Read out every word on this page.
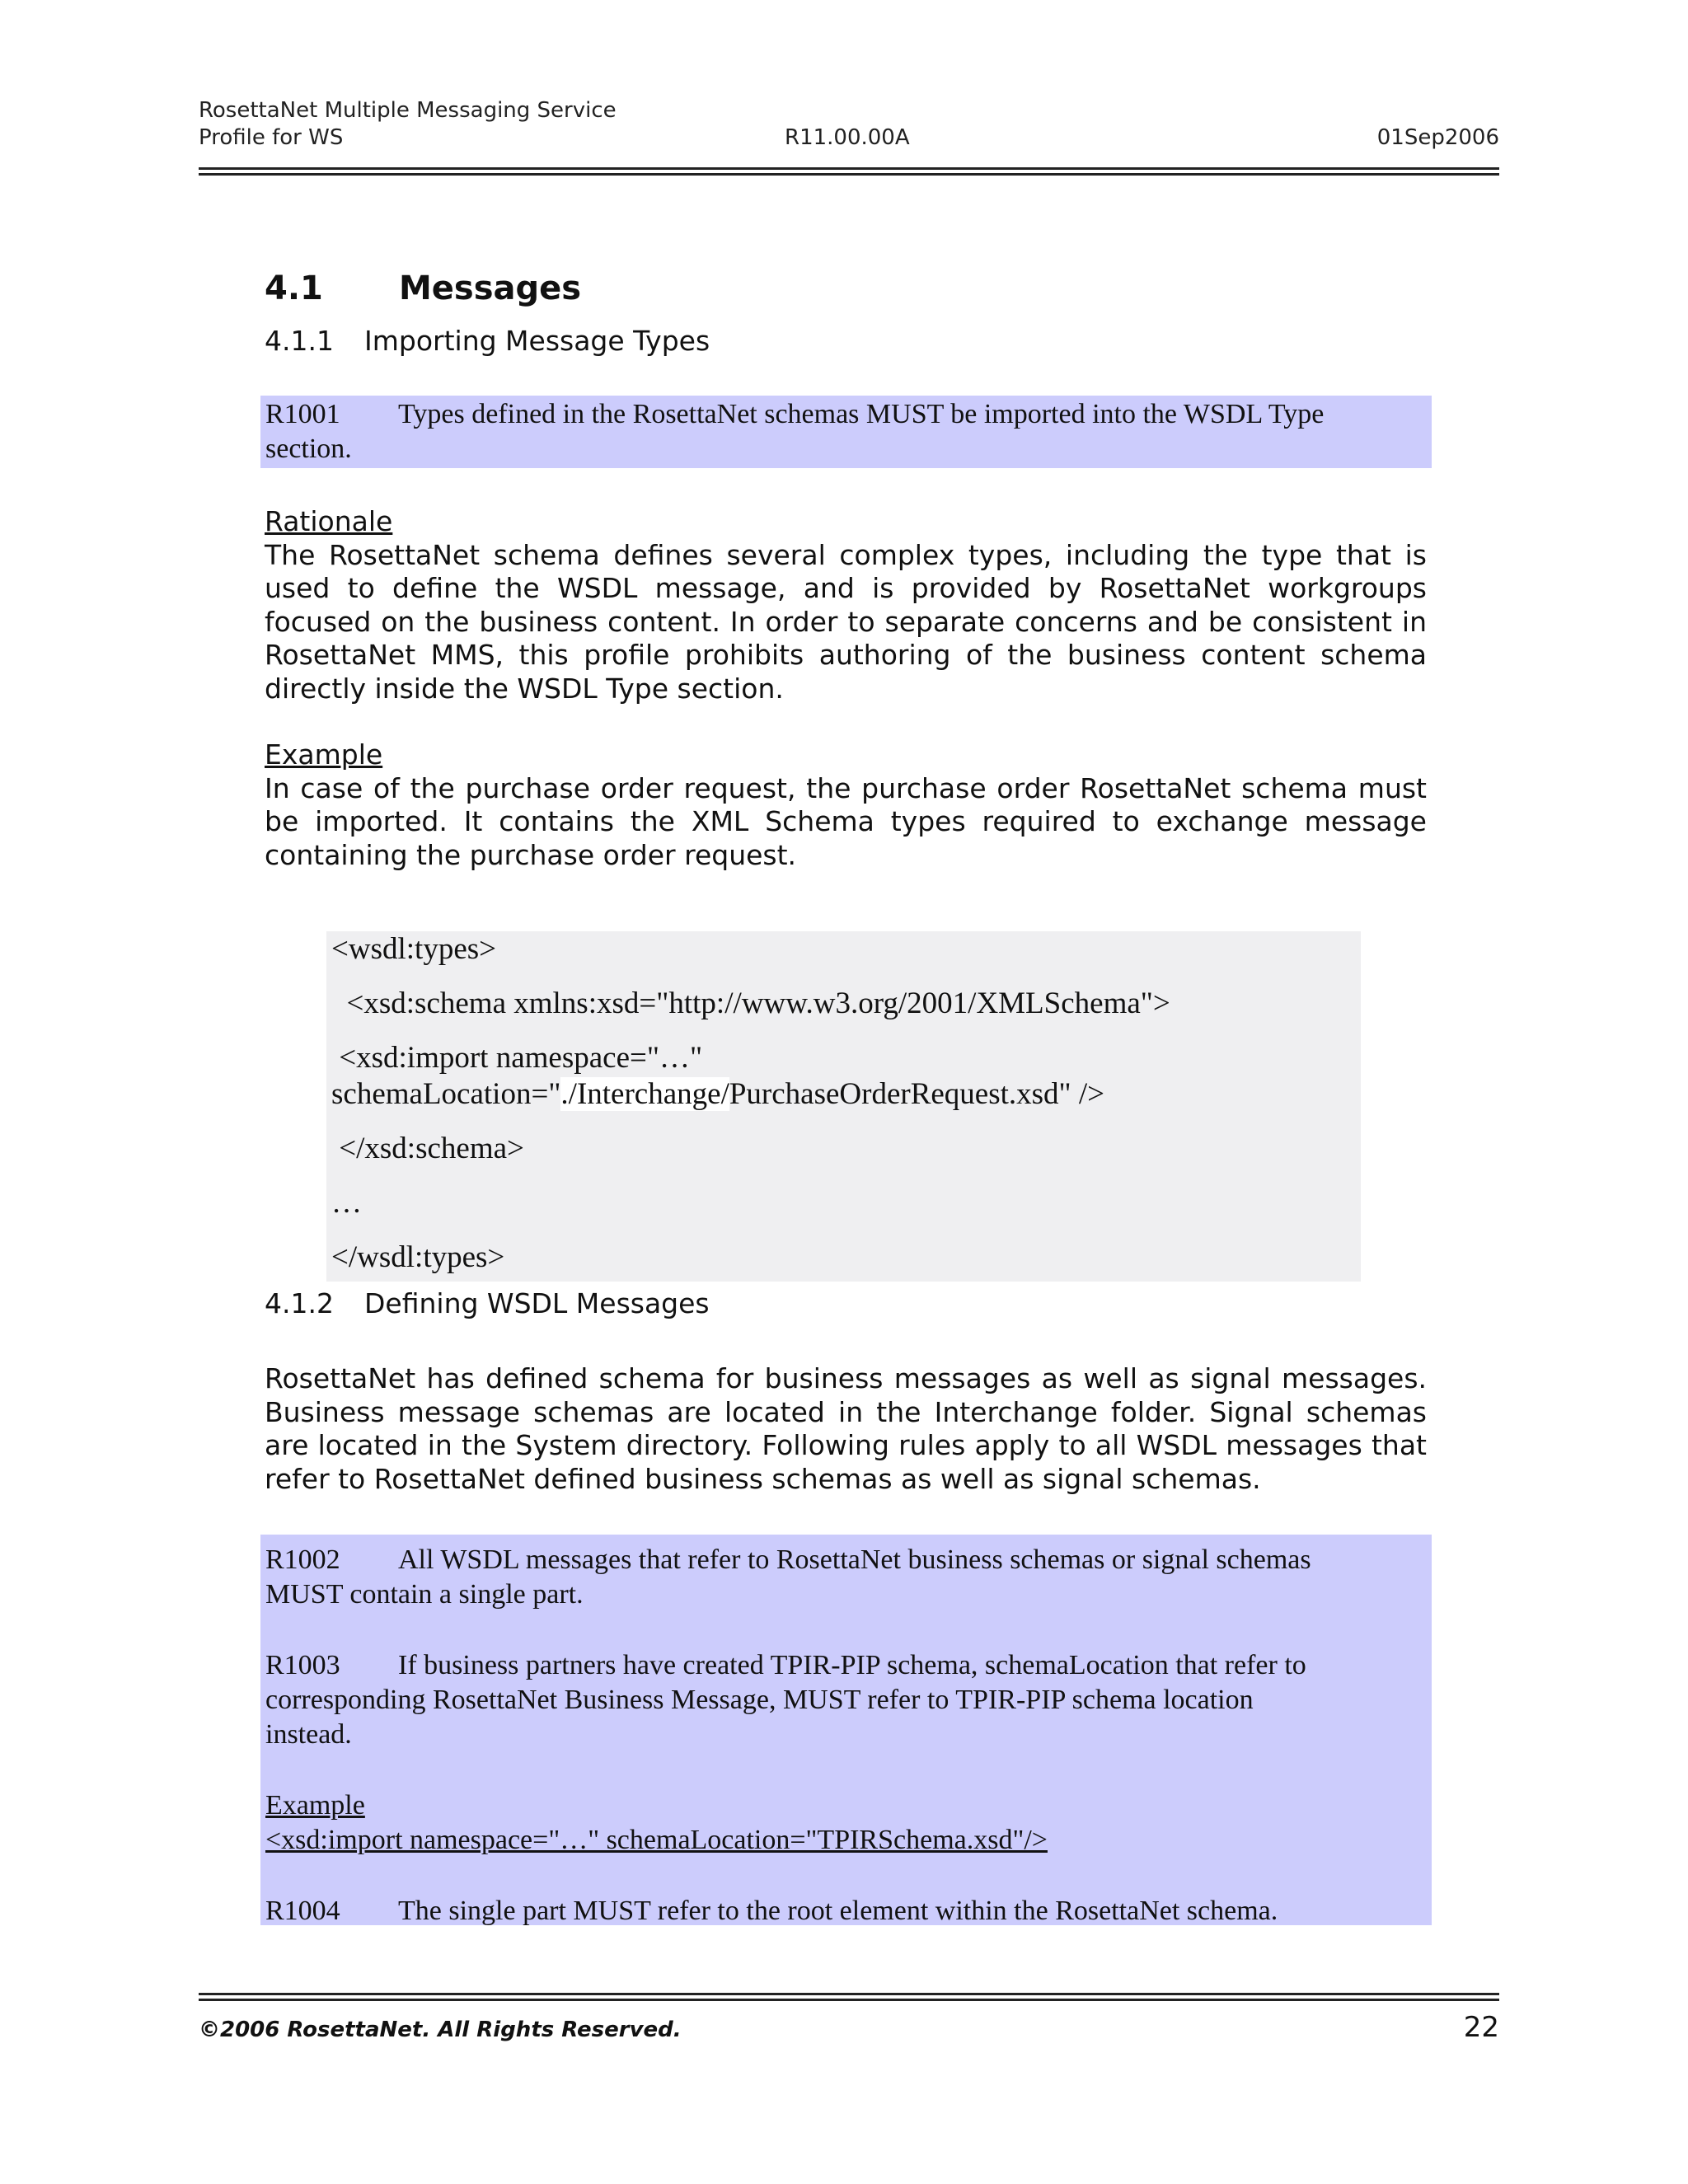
RosettaNet Multiple Messaging Service
Profile for WS	R11.00.00A	01Sep2006
4.1 Messages
4.1.1 Importing Message Types

R1001 Types defined in the RosettaNet schemas MUST be imported into the WSDL Type

section.

Rationale

The RosettaNet schema defines several complex types, including the type that is used to define the WSDL message, and is provided by RosettaNet workgroups focused on the business content. In order to separate concerns and be consistent in RosettaNet MMS, this profile prohibits authoring of the business content schema directly inside the WSDL Type section.

Example

In case of the purchase order request, the purchase order RosettaNet schema must be imported. It contains the XML Schema types required to exchange message containing the purchase order request.

<wsdl:types>
<xsd:schema xmlns:xsd="http://www.w3.org/2001/XMLSchema">
<xsd:import namespace="…"
schemaLocation="./Interchange/PurchaseOrderRequest.xsd" />
</xsd:schema>
…
</wsdl:types>
4.1.2 Defining WSDL Messages

RosettaNet has defined schema for business messages as well as signal messages. Business message schemas are located in the Interchange folder. Signal schemas are located in the System directory. Following rules apply to all WSDL messages that refer to RosettaNet defined business schemas as well as signal schemas.

R1002 All WSDL messages that refer to RosettaNet business schemas or signal schemas

MUST contain a single part.

R1003 If business partners have created TPIR-PIP schema, schemaLocation that refer to

corresponding RosettaNet Business Message, MUST refer to TPIR-PIP schema location

instead.

Example

<xsd:import namespace="…" schemaLocation="TPIRSchema.xsd"/>

R1004 The single part MUST refer to the root element within the RosettaNet schema.

©2006 RosettaNet. All Rights Reserved.	22
